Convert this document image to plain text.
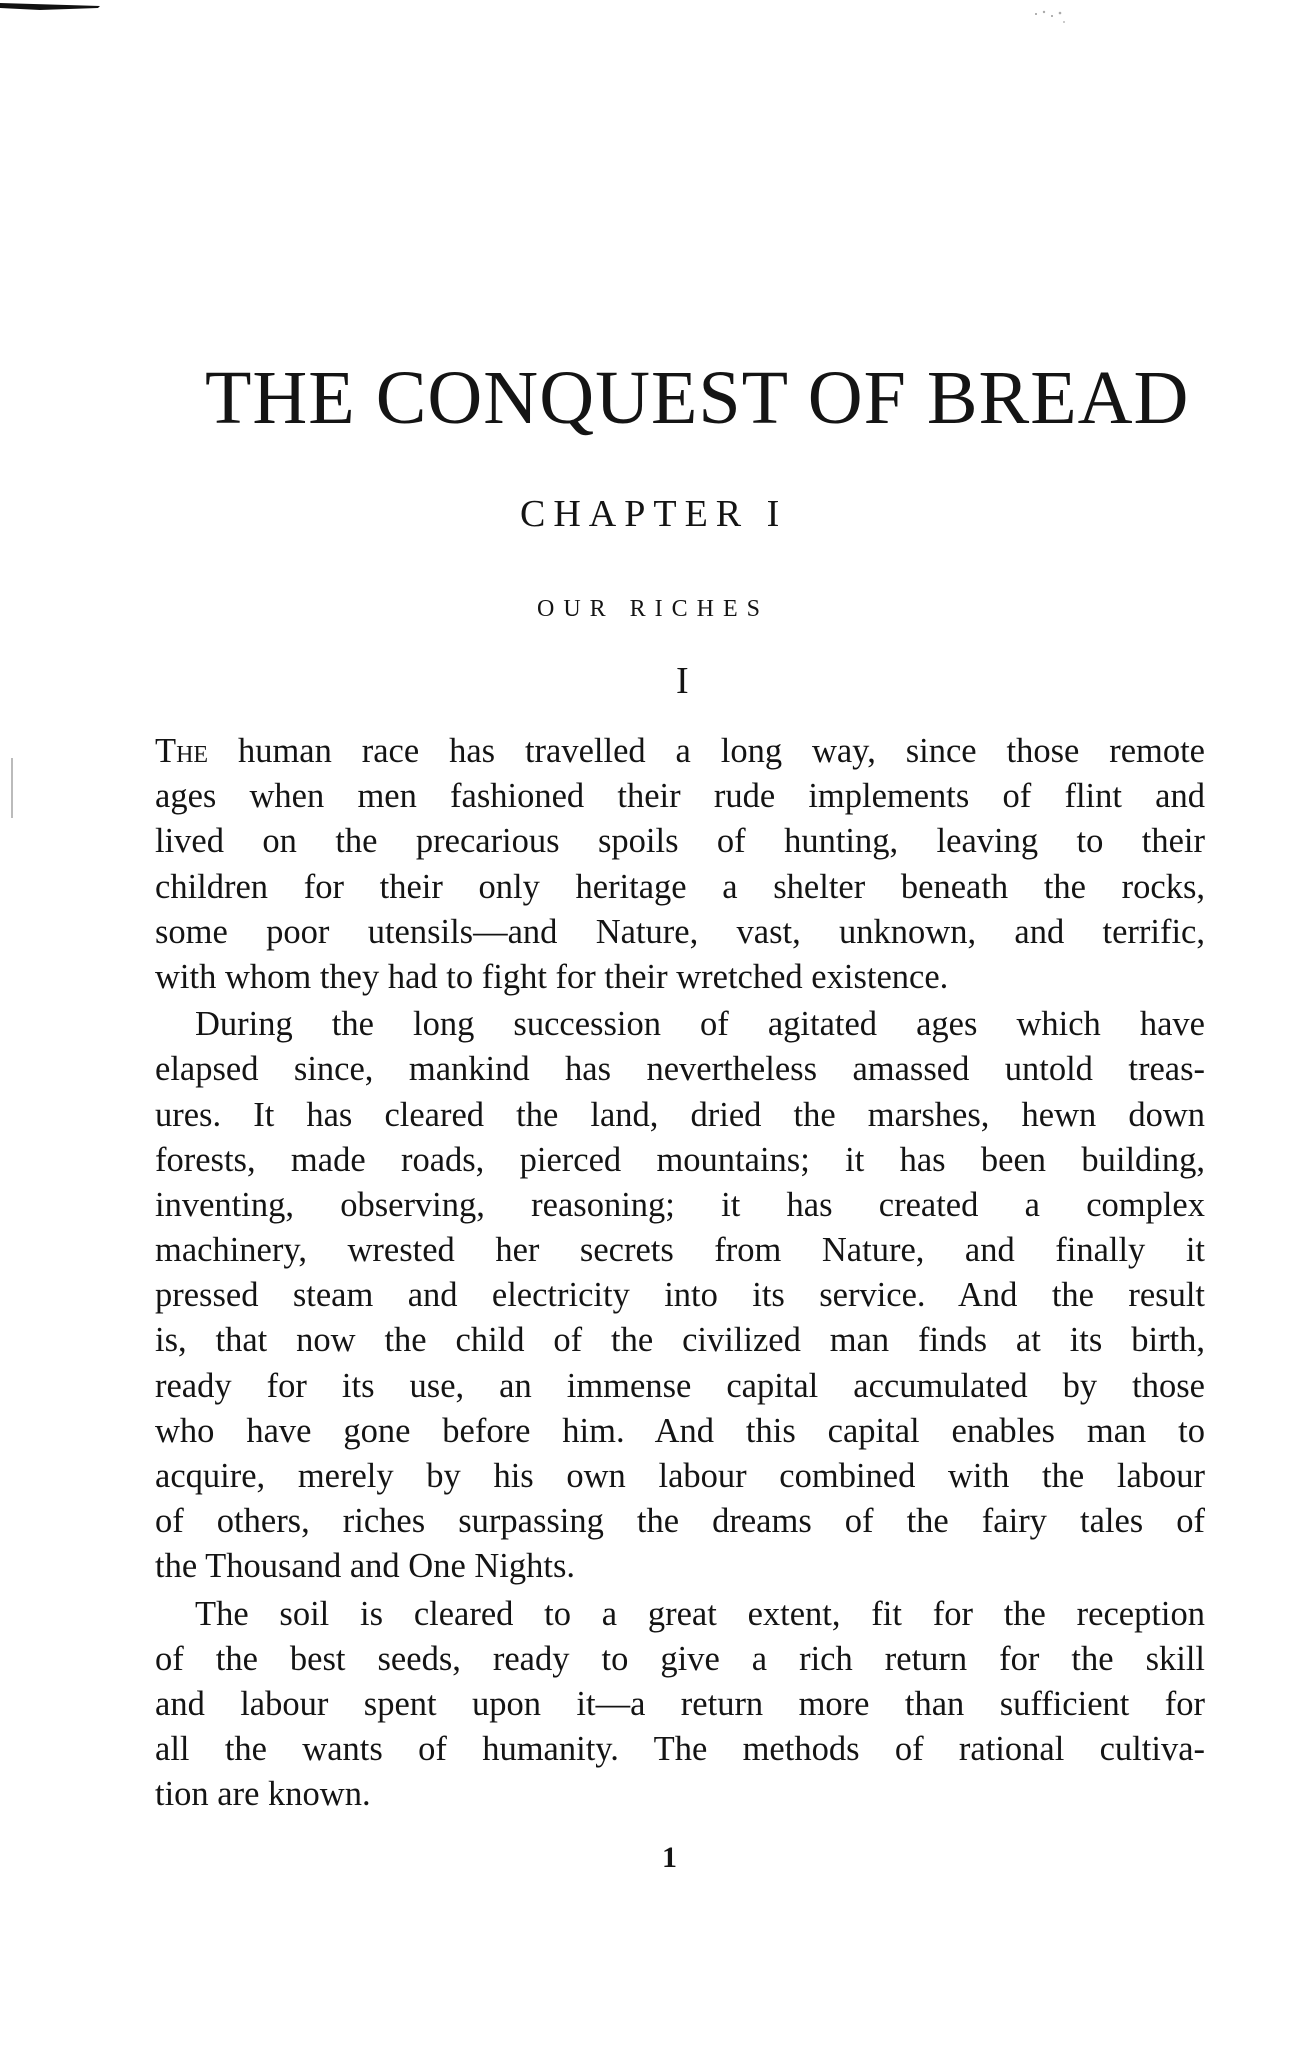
THE CONQUEST OF BREAD
CHAPTER I
OUR RICHES

I

The human race has travelled a long way, since those remote
ages when men fashioned their rude implements of flint and
lived on the precarious spoils of hunting, leaving to their
children for their only heritage a shelter beneath the rocks,
some poor utensils—and Nature, vast, unknown, and terrific,
with whom they had to fight for their wretched existence.
During the long succession of agitated ages which have
elapsed since, mankind has nevertheless amassed untold treas-
ures. It has cleared the land, dried the marshes, hewn down
forests, made roads, pierced mountains; it has been building,
inventing, observing, reasoning; it has created a complex
machinery, wrested her secrets from Nature, and finally it
pressed steam and electricity into its service. And the result
is, that now the child of the civilized man finds at its birth,
ready for its use, an immense capital accumulated by those
who have gone before him. And this capital enables man to
acquire, merely by his own labour combined with the labour
of others, riches surpassing the dreams of the fairy tales of
the Thousand and One Nights.
The soil is cleared to a great extent, fit for the reception
of the best seeds, ready to give a rich return for the skill
and labour spent upon it—a return more than sufficient for
all the wants of humanity. The methods of rational cultiva-
tion are known.

1
